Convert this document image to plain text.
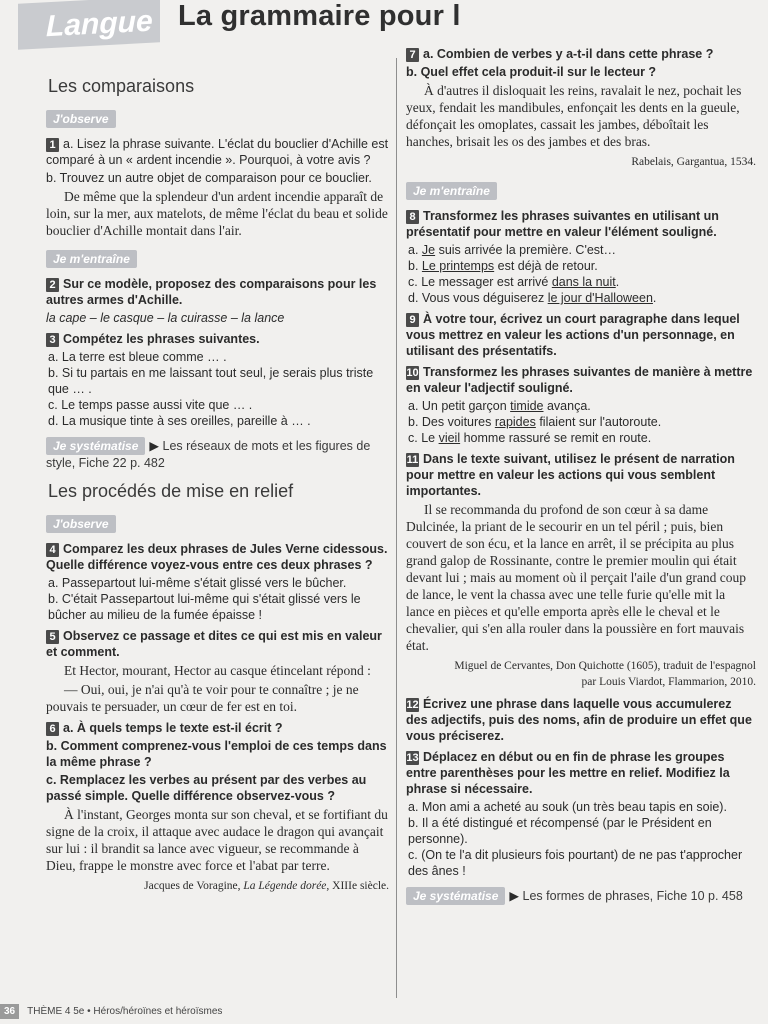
Langue La grammaire pour l
Les comparaisons
J'observe

1 a. Lisez la phrase suivante. L'éclat du bouclier d'Achille est comparé à un « ardent incendie ». Pourquoi, à votre avis ?

b. Trouvez un autre objet de comparaison pour ce bouclier.

De même que la splendeur d'un ardent incendie apparaît de loin, sur la mer, aux matelots, de même l'éclat du beau et solide bouclier d'Achille montait dans l'air.

Je m'entraîne

2 Sur ce modèle, proposez des comparaisons pour les autres armes d'Achille.

la cape – le casque – la cuirasse – la lance

3 Compétez les phrases suivantes.

a. La terre est bleue comme … .

b. Si tu partais en me laissant tout seul, je serais plus triste que … .

c. Le temps passe aussi vite que … .

d. La musique tinte à ses oreilles, pareille à … .

Je systématise ▶ Les réseaux de mots et les figures de style, Fiche 22 p. 482
Les procédés de mise en relief
J'observe

4 Comparez les deux phrases de Jules Verne cidessous. Quelle différence voyez-vous entre ces deux phrases ?

a. Passepartout lui-même s'était glissé vers le bûcher.

b. C'était Passepartout lui-même qui s'était glissé vers le bûcher au milieu de la fumée épaisse !

5 Observez ce passage et dites ce qui est mis en valeur et comment.

Et Hector, mourant, Hector au casque étincelant répond :

— Oui, oui, je n'ai qu'à te voir pour te connaître ; je ne pouvais te persuader, un cœur de fer est en toi.

6 a. À quels temps le texte est-il écrit ?

b. Comment comprenez-vous l'emploi de ces temps dans la même phrase ?

c. Remplacez les verbes au présent par des verbes au passé simple. Quelle différence observez-vous ?

À l'instant, Georges monta sur son cheval, et se fortifiant du signe de la croix, il attaque avec audace le dragon qui avançait sur lui : il brandit sa lance avec vigueur, se recommande à Dieu, frappe le monstre avec force et l'abat par terre.

Jacques de Voragine, La Légende dorée, XIIIe siècle.

7 a. Combien de verbes y a-t-il dans cette phrase ?

b. Quel effet cela produit-il sur le lecteur ?

À d'autres il disloquait les reins, ravalait le nez, pochait les yeux, fendait les mandibules, enfonçait les dents en la gueule, défonçait les omoplates, cassait les jambes, déboîtait les hanches, brisait les os des jambes et des bras.

Rabelais, Gargantua, 1534.

Je m'entraîne

8 Transformez les phrases suivantes en utilisant un présentatif pour mettre en valeur l'élément souligné.

a. Je suis arrivée la première. C'est…

b. Le printemps est déjà de retour.

c. Le messager est arrivé dans la nuit.

d. Vous vous déguiserez le jour d'Halloween.

9 À votre tour, écrivez un court paragraphe dans lequel vous mettrez en valeur les actions d'un personnage, en utilisant des présentatifs.

10 Transformez les phrases suivantes de manière à mettre en valeur l'adjectif souligné.

a. Un petit garçon timide avança.

b. Des voitures rapides filaient sur l'autoroute.

c. Le vieil homme rassuré se remit en route.

11 Dans le texte suivant, utilisez le présent de narration pour mettre en valeur les actions qui vous semblent importantes.

Il se recommanda du profond de son cœur à sa dame Dulcinée, la priant de le secourir en un tel péril ; puis, bien couvert de son écu, et la lance en arrêt, il se précipita au plus grand galop de Rossinante, contre le premier moulin qui était devant lui ; mais au moment où il perçait l'aile d'un grand coup de lance, le vent la chassa avec une telle furie qu'elle mit la lance en pièces et qu'elle emporta après elle le cheval et le chevalier, qui s'en alla rouler dans la poussière en fort mauvais état.

Miguel de Cervantes, Don Quichotte (1605), traduit de l'espagnol

par Louis Viardot, Flammarion, 2010.

12 Écrivez une phrase dans laquelle vous accumulerez des adjectifs, puis des noms, afin de produire un effet que vous préciserez.

13 Déplacez en début ou en fin de phrase les groupes entre parenthèses pour les mettre en relief. Modifiez la phrase si nécessaire.

a. Mon ami a acheté au souk (un très beau tapis en soie).

b. Il a été distingué et récompensé (par le Président en personne).

c. (On te l'a dit plusieurs fois pourtant) de ne pas t'approcher des ânes !

Je systématise ▶ Les formes de phrases, Fiche 10 p. 458
36 THÈME 4 5e • Héros/héroïnes et héroïsmes
